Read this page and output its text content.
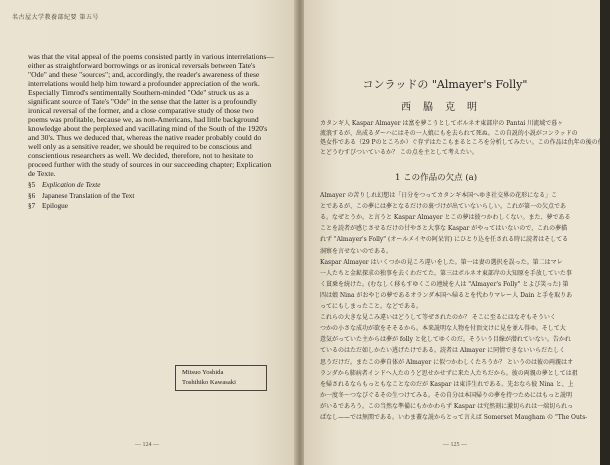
名古屋大学教養部紀要 第五号
was that the vital appeal of the poems consisted partly in various interrelations—
either as straightforward borrowings or as ironical reversals between Tate's
"Ode" and these "sources"; and, accordingly, the reader's awareness of these
interrelations would help him toward a profounder appreciation of the work.
Especially Timrod's sentimentally Southern-minded "Ode" struck us as a
significant source of Tate's "Ode" in the sense that the latter is a profoundly
ironical reversal of the former, and a close comparative study of those two
poems was profitable, because we, as non-Americans, had little background
knowledge about the perplexed and vacillating mind of the South of the 1920's
and 30's. Thus we deduced that, whereas the native reader probably could do
well only as a sensitive reader, we should be required to be conscious and
conscientious researchers as well. We decided, therefore, not to hesitate to
proceed further with the study of sources in our succeeding chapter; Explication
de Texte.
§5 Explication de Texte
§6 Japanese Translation of the Text
§7 Epilogue
Mitsuo Yoshida
Toshihiko Kawasaki
— 124 —
コンラッドの "Almayer's Folly"
西脇克明
カタンギ人 Kaspar Almayer は富を夢こうとしてボルネオ東部岸の Pantai 川流域で暮ヶ
流浪するが、出成るダーハにはその一人娘にもを去られて死ぬ。この自説的小説がコンラッドの
処女作である（29 Pのところか）ぐ存ずはたこもまるところを分析してみたい。この作品は仇年の後の作品
とどうむすびついているか？ この点を主として考えたい。
1 この作品の欠点 (a)
Almayer の苦りしれ幻想は「日分をつってカタンギ本国へゆき社交界の花形になる」こ
とであるが、この夢には夢となるだけの裏づけが出ていないらしい。これが第一の欠点であ
る。なぜとうか。と言うと Kaspar Almayer とこの夢は彼つかわしくない。また、夢である
ことを読者が感じさせるだけの甘やさと大事な Kaspar がやってはいないので、これの夢描
れず "Almayer's Folly" (オールメイヤの阿呆宮) にひとり込を任される時に読者はそしてる
洞察を言せないのである。
Kaspar Almayer はいくつかの見ころ違いをした。第一は妻の選択を誤った。第二はマレ
一人たちと金鉱探求の独事を去くわだてた。第三はボルネオ東部岸の大知原を手放していた事
く貧乗を続けた。(むなしく移もすゆくこの連続を人は "Almayer's Folly" とよび笑った) 第
四は娘 Nina がおやじの夢であるオランダ本国へ帰るとを代わりマレー人 Dain と手を取りあ
ってにもしまったこと。などである。
これらの大きな見こみ違いはどうして等ぜされたのか？ そこに至るにはなぞもそういく
つかの小さな成功が欲をそそるから。本来説明な人物を付頂文けに見を並ん得ゆ。そして大
意気がっていた主からは夢が folly と化してゆくのだ。そういう目線が潜れていない。告かれ
ているのはただ如しかたい逃げたけである。読者は Almayer に同情できないいらだたしく
思うだけだ。またこの夢自体が Almayer に似つかわしくたろうか？ というのは彼の両親はオ
ランダから肺病者インドへ人たのうど思せかせずに来た人たちだから。彼の両親の夢としては祖
を帰されるならもっともなことなのだが Kaspar は東洋生れである。先おなら彼 Nina と、上
か一度冬～つなびぐるその生つけてみる。その自分は本国帰りの夢を持つためにはもっと説明
がいるであろう。この当然な準備にもかかわらず Kaspar は究然刻に激切られは一端切られっ
ぱなし——では無関である。いわま蓋な説からとって言えば Somerset Maugham の "The Outs-
— 125 —
